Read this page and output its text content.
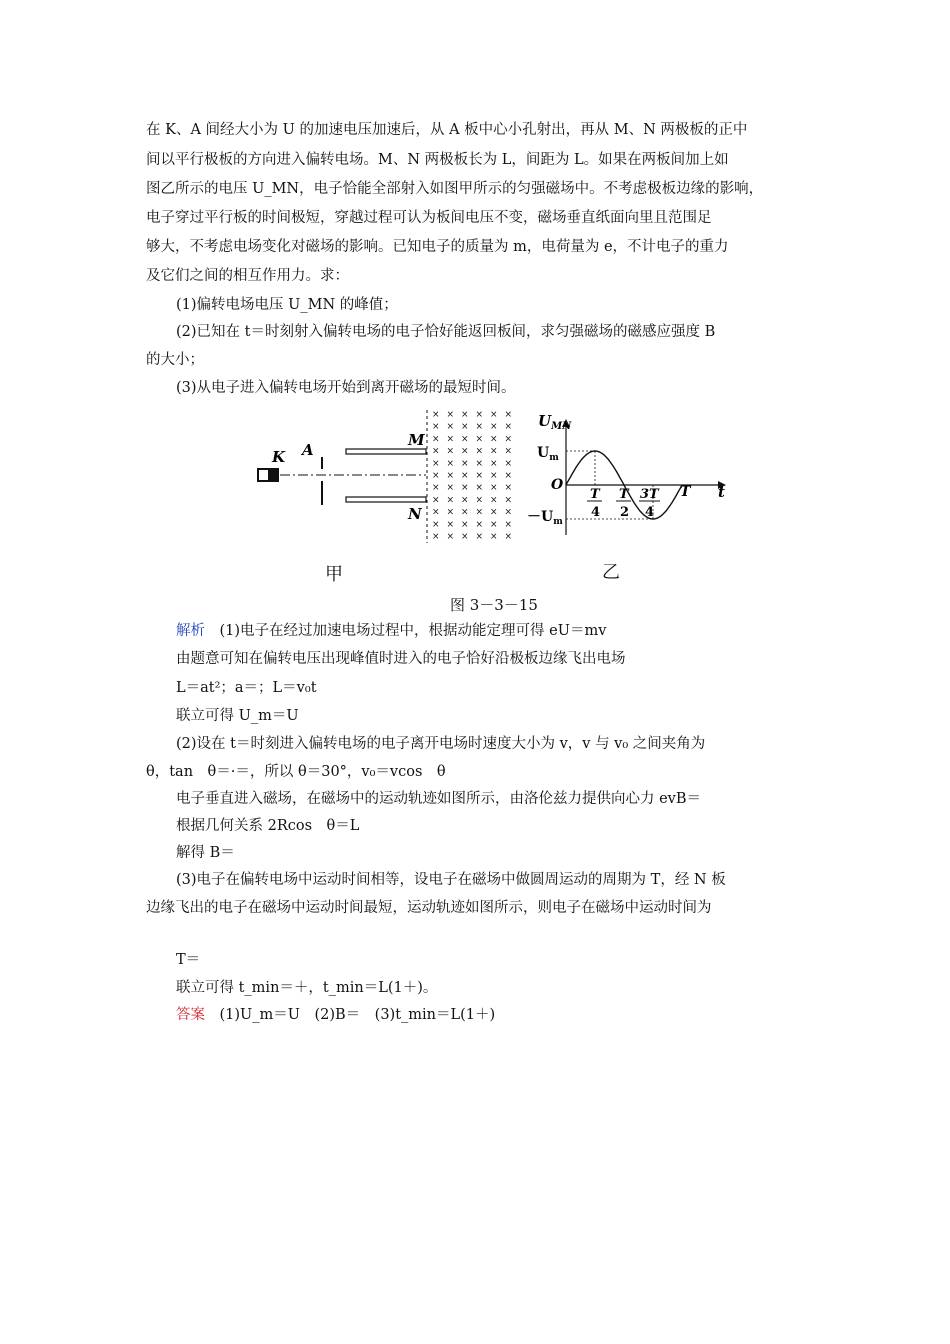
在 K、A 间经大小为 U 的加速电压加速后，从 A 板中心小孔射出，再从 M、N 两极板的正中
间以平行极板的方向进入偏转电场。M、N 两极板长为 L，间距为 L。如果在两板间加上如
图乙所示的电压 U_MN，电子恰能全部射入如图甲所示的匀强磁场中。不考虑极板边缘的影响，
电子穿过平行板的时间极短，穿越过程可认为板间电压不变，磁场垂直纸面向里且范围足
够大，不考虑电场变化对磁场的影响。已知电子的质量为 m，电荷量为 e，不计电子的重力
及它们之间的相互作用力。求：
(1)偏转电场电压 U_MN 的峰值；
(2)已知在 t＝时刻射入偏转电场的电子恰好能返回板间，求匀强磁场的磁感应强度 B
的大小；
(3)从电子进入偏转电场开始到离开磁场的最短时间。
K A
M
N
× × × × × ×
× × × × × ×
× × × × × ×
× × × × × ×
× × × × × ×
× × × × × ×
× × × × × ×
× × × × × ×
× × × × × ×
× × × × × ×
× × × × × ×
$U_{MN}$
$U_m$
$-U_m$
O	t
T
4
T
2
3T
4
T
甲	乙
图 3－3－15
解析　 (1)电子在经过加速电场过程中，根据动能定理可得 eU＝mv
由题意可知在偏转电压出现峰值时进入的电子恰好沿极板边缘飞出电场
L＝at²；a＝；L＝v₀t
联立可得 U_m＝U
(2)设在 t＝时刻进入偏转电场的电子离开电场时速度大小为 v，v 与 v₀ 之间夹角为
θ，tan　θ＝·＝，所以 θ＝30°，v₀＝vcos　θ
电子垂直进入磁场，在磁场中的运动轨迹如图所示，由洛伦兹力提供向心力 evB＝
根据几何关系 2Rcos　θ＝L
解得 B＝
(3)电子在偏转电场中运动时间相等，设电子在磁场中做圆周运动的周期为 T，经 N 板
边缘飞出的电子在磁场中运动时间最短，运动轨迹如图所示，则电子在磁场中运动时间为
T＝
联立可得 t_min＝＋，t_min＝L(1＋)。
答案　(1)U_m＝U　(2)B＝　(3)t_min＝L(1＋)
